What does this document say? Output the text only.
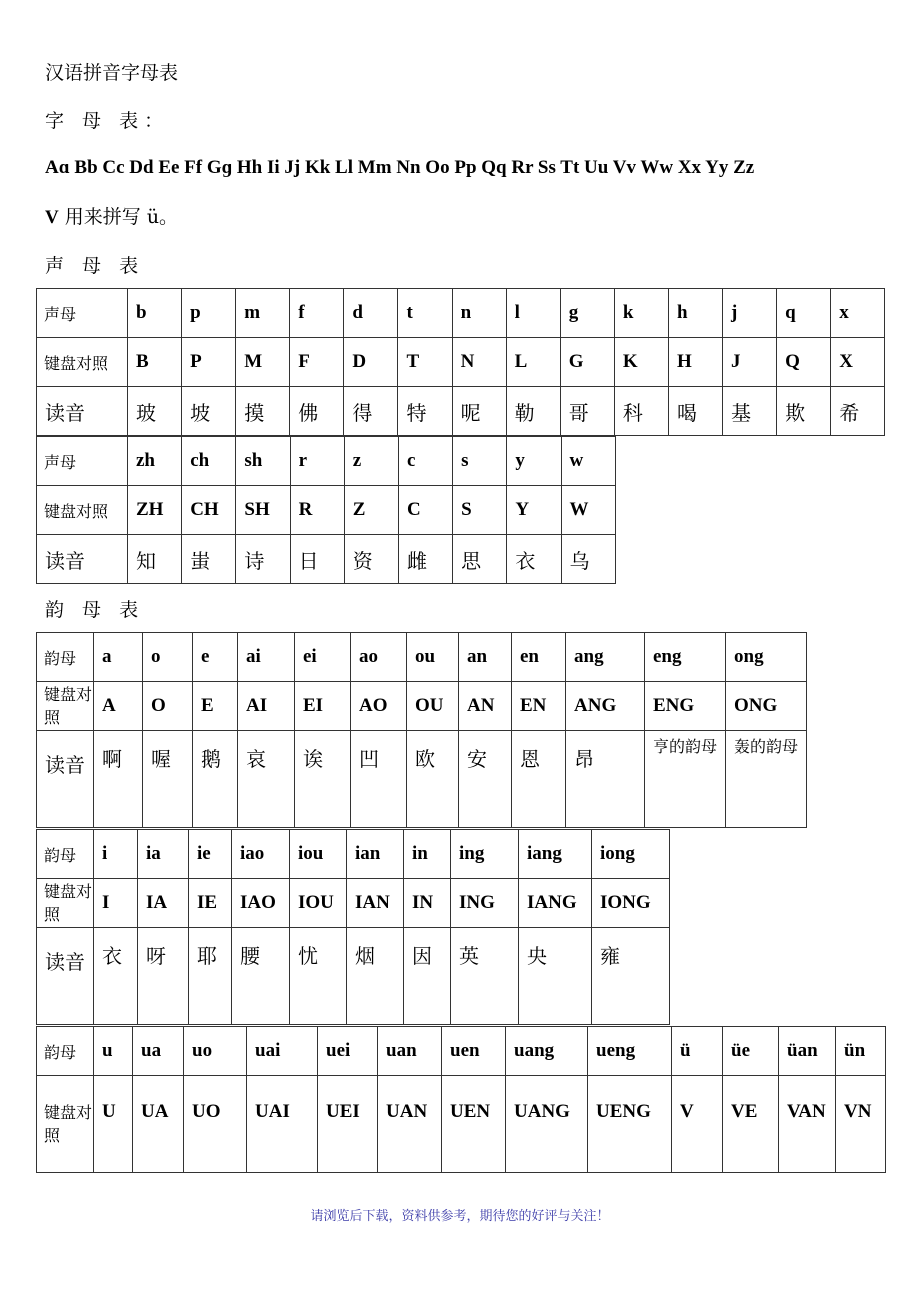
汉语拼音字母表
字 母 表：
Aɑ Bb Cc Dd Ee Ff Gɡ Hh Ii Jj Kk Ll Mm Nn Oo Pp Qq Rr Ss Tt Uu Vv Ww Xx Yy Zz
V 用来拼写 ü。
声 母 表
声母	b	p	m	f	d	t	n	l	g	k	h	j	q	x
键盘对照	B	P	M	F	D	T	N	L	G	K	H	J	Q	X
读音	玻	坡	摸	佛	得	特	呢	勒	哥	科	喝	基	欺	希
声母	zh	ch	sh	r	z	c	s	y	w
键盘对照	ZH	CH	SH	R	Z	C	S	Y	W
读音	知	蚩	诗	日	资	雌	思	衣	乌
韵 母 表
韵母	a	o	e	ai	ei	ao	ou	an	en	ang	eng	ong
键盘对照	A	O	E	AI	EI	AO	OU	AN	EN	ANG	ENG	ONG
读音	啊	喔	鹅	哀	诶	凹	欧	安	恩	昂	亨的韵母	轰的韵母
韵母	i	ia	ie	iao	iou	ian	in	ing	iang	iong
键盘对照	I	IA	IE	IAO	IOU	IAN	IN	ING	IANG	IONG
读音	衣	呀	耶	腰	忧	烟	因	英	央	雍
韵母	u	ua	uo	uai	uei	uan	uen	uang	ueng	ü	üe	üan	ün
键盘对照	U	UA	UO	UAI	UEI	UAN	UEN	UANG	UENG	V	VE	VAN	VN
请浏览后下载，资料供参考，期待您的好评与关注！
